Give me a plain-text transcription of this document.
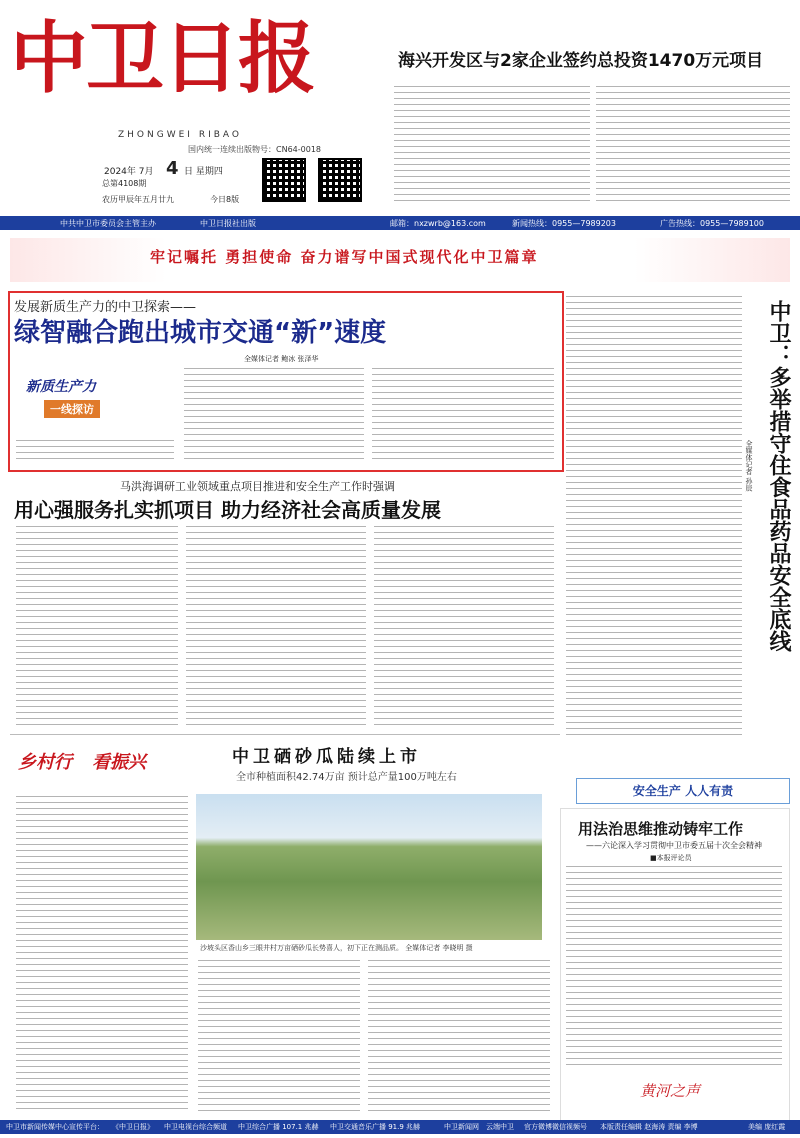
中卫日报
ZHONGWEI RIBAO
国内统一连续出版物号：CN64-0018
2024年 7月 4 日 星期四
总第4108期
农历甲辰年五月廿九	今日8版
海兴开发区与2家企业签约总投资1470万元项目
中共中卫市委员会主管主办	中卫日报社出版	邮箱：nxzwrb@163.com	新闻热线：0955—7989203	广告热线：0955—7989100
牢记嘱托 勇担使命 奋力谱写中国式现代化中卫篇章
发展新质生产力的中卫探索——
绿智融合跑出城市交通“新”速度
全媒体记者 鲍冰 张泽华
新质生产力
一线探访	中卫：多举措守住食品药品安全底线
全媒体记者 孙辰
马洪海调研工业领域重点项目推进和安全生产工作时强调
用心强服务扎实抓项目 助力经济社会高质量发展
乡村行 看振兴	中卫硒砂瓜陆续上市
全市种植面积42.74万亩 预计总产量100万吨左右
沙坡头区香山乡三眼井村万亩硒砂瓜长势喜人，初下正在测品质。 全媒体记者 李晓明 摄
安全生产 人人有责
用法治思维推动铸牢工作
——六论深入学习贯彻中卫市委五届十次全会精神
■本报评论员
黄河之声
中卫市新闻传媒中心宣传平台： 《中卫日报》 中卫电视台综合频道 中卫综合广播 107.1 兆赫 中卫交通音乐广播 91.9 兆赫	中卫新闻网 云端中卫 官方微博微信视频号 本版责任编辑 赵海涛 责编 李博	美编 庞红霞
